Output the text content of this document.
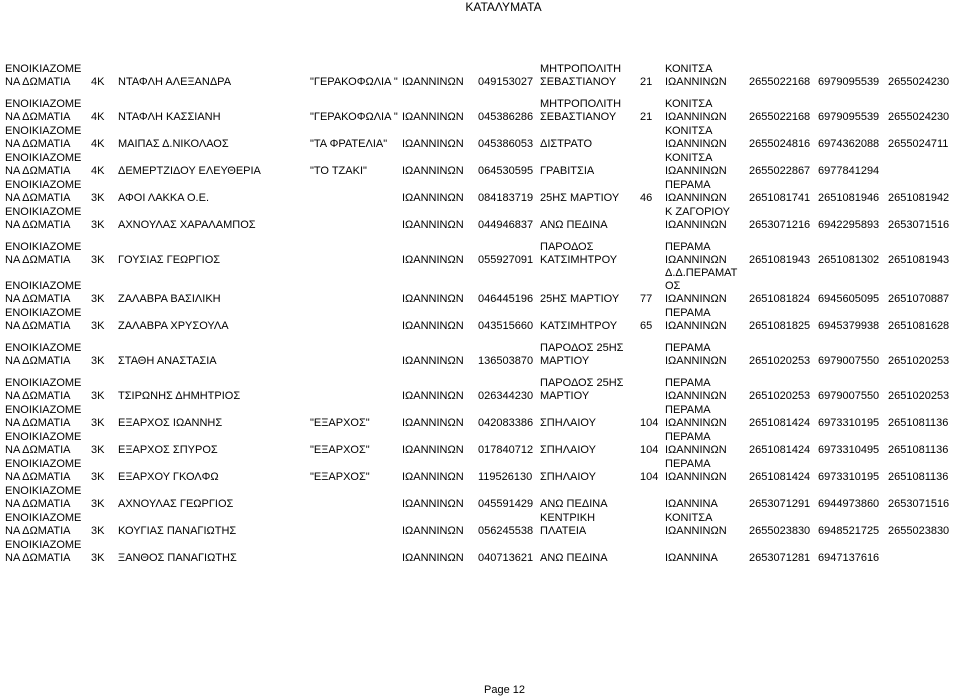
ΚΑΤΑΛΥΜΑΤΑ
ΕΝΟΙΚΙΑΖΟΜΕ ΝΑ ΔΩΜΑΤΙΑ	4Κ	ΝΤΑΦΛΗ ΑΛΕΞΑΝΔΡΑ	"ΓΕΡΑΚΟΦΩΛΙΑ "	ΙΩΑΝΝΙΝΩΝ	049153027	ΜΗΤΡΟΠΟΛΙΤΗ ΣΕΒΑΣΤΙΑΝΟΥ	21	ΚΟΝΙΤΣΑ ΙΩΑΝΝΙΝΩΝ	2655022168	6979095539	2655024230

ΕΝΟΙΚΙΑΖΟΜΕ ΝΑ ΔΩΜΑΤΙΑ	4Κ	ΝΤΑΦΛΗ ΚΑΣΣΙΑΝΗ	"ΓΕΡΑΚΟΦΩΛΙΑ "	ΙΩΑΝΝΙΝΩΝ	045386286	ΜΗΤΡΟΠΟΛΙΤΗ ΣΕΒΑΣΤΙΑΝΟΥ	21	ΚΟΝΙΤΣΑ ΙΩΑΝΝΙΝΩΝ	2655022168	6979095539	2655024230
ΕΝΟΙΚΙΑΖΟΜΕ ΝΑ ΔΩΜΑΤΙΑ	4Κ	ΜΑΙΠΑΣ Δ.ΝΙΚΟΛΑΟΣ	"ΤΑ ΦΡΑΤΕΛΙΑ"	ΙΩΑΝΝΙΝΩΝ	045386053	ΔΙΣΤΡΑΤΟ		ΚΟΝΙΤΣΑ ΙΩΑΝΝΙΝΩΝ	2655024816	6974362088	2655024711
ΕΝΟΙΚΙΑΖΟΜΕ ΝΑ ΔΩΜΑΤΙΑ	4Κ	ΔΕΜΕΡΤΖΙΔΟΥ ΕΛΕΥΘΕΡΙΑ	"ΤΟ ΤΖΑΚΙ"	ΙΩΑΝΝΙΝΩΝ	064530595	ΓΡΑΒΙΤΣΙΑ		ΚΟΝΙΤΣΑ ΙΩΑΝΝΙΝΩΝ	2655022867	6977841294	
ΕΝΟΙΚΙΑΖΟΜΕ ΝΑ ΔΩΜΑΤΙΑ	3Κ	ΑΦΟΙ ΛΑΚΚΑ Ο.Ε.		ΙΩΑΝΝΙΝΩΝ	084183719	25ΗΣ ΜΑΡΤΙΟΥ	46	ΠΕΡΑΜΑ ΙΩΑΝΝΙΝΩΝ	2651081741	2651081946	2651081942
ΕΝΟΙΚΙΑΖΟΜΕ ΝΑ ΔΩΜΑΤΙΑ	3Κ	ΑΧΝΟΥΛΑΣ ΧΑΡΑΛΑΜΠΟΣ		ΙΩΑΝΝΙΝΩΝ	044946837	ΑΝΩ ΠΕΔΙΝΑ		Κ ΖΑΓΟΡΙΟΥ ΙΩΑΝΝΙΝΩΝ	2653071216	6942295893	2653071516

ΕΝΟΙΚΙΑΖΟΜΕ ΝΑ ΔΩΜΑΤΙΑ	3Κ	ΓΟΥΣΙΑΣ ΓΕΩΡΓΙΟΣ		ΙΩΑΝΝΙΝΩΝ	055927091	ΠΑΡΟΔΟΣ ΚΑΤΣΙΜΗΤΡΟΥ		ΠΕΡΑΜΑ ΙΩΑΝΝΙΝΩΝ	2651081943	2651081302	2651081943
ΕΝΟΙΚΙΑΖΟΜΕ ΝΑ ΔΩΜΑΤΙΑ	3Κ	ΖΑΛΑΒΡΑ ΒΑΣΙΛΙΚΗ		ΙΩΑΝΝΙΝΩΝ	046445196	25ΗΣ ΜΑΡΤΙΟΥ	77	Δ.Δ.ΠΕΡΑΜΑΤ ΟΣ ΙΩΑΝΝΙΝΩΝ	2651081824	6945605095	2651070887
ΕΝΟΙΚΙΑΖΟΜΕ ΝΑ ΔΩΜΑΤΙΑ	3Κ	ΖΑΛΑΒΡΑ ΧΡΥΣΟΥΛΑ		ΙΩΑΝΝΙΝΩΝ	043515660	ΚΑΤΣΙΜΗΤΡΟΥ	65	ΠΕΡΑΜΑ ΙΩΑΝΝΙΝΩΝ	2651081825	6945379938	2651081628

ΕΝΟΙΚΙΑΖΟΜΕ ΝΑ ΔΩΜΑΤΙΑ	3Κ	ΣΤΑΘΗ ΑΝΑΣΤΑΣΙΑ		ΙΩΑΝΝΙΝΩΝ	136503870	ΠΑΡΟΔΟΣ 25ΗΣ ΜΑΡΤΙΟΥ		ΠΕΡΑΜΑ ΙΩΑΝΝΙΝΩΝ	2651020253	6979007550	2651020253

ΕΝΟΙΚΙΑΖΟΜΕ ΝΑ ΔΩΜΑΤΙΑ	3Κ	ΤΣΙΡΩΝΗΣ ΔΗΜΗΤΡΙΟΣ		ΙΩΑΝΝΙΝΩΝ	026344230	ΠΑΡΟΔΟΣ 25ΗΣ ΜΑΡΤΙΟΥ		ΠΕΡΑΜΑ ΙΩΑΝΝΙΝΩΝ	2651020253	6979007550	2651020253
ΕΝΟΙΚΙΑΖΟΜΕ ΝΑ ΔΩΜΑΤΙΑ	3Κ	ΕΞΑΡΧΟΣ ΙΩΑΝΝΗΣ	"ΕΞΑΡΧΟΣ"	ΙΩΑΝΝΙΝΩΝ	042083386	ΣΠΗΛΑΙΟΥ	104	ΠΕΡΑΜΑ ΙΩΑΝΝΙΝΩΝ	2651081424	6973310195	2651081136
ΕΝΟΙΚΙΑΖΟΜΕ ΝΑ ΔΩΜΑΤΙΑ	3Κ	ΕΞΑΡΧΟΣ ΣΠΥΡΟΣ	"ΕΞΑΡΧΟΣ"	ΙΩΑΝΝΙΝΩΝ	017840712	ΣΠΗΛΑΙΟΥ	104	ΠΕΡΑΜΑ ΙΩΑΝΝΙΝΩΝ	2651081424	6973310495	2651081136
ΕΝΟΙΚΙΑΖΟΜΕ ΝΑ ΔΩΜΑΤΙΑ	3Κ	ΕΞΑΡΧΟΥ ΓΚΟΛΦΩ	"ΕΞΑΡΧΟΣ"	ΙΩΑΝΝΙΝΩΝ	119526130	ΣΠΗΛΑΙΟΥ	104	ΠΕΡΑΜΑ ΙΩΑΝΝΙΝΩΝ	2651081424	6973310195	2651081136
ΕΝΟΙΚΙΑΖΟΜΕ ΝΑ ΔΩΜΑΤΙΑ	3Κ	ΑΧΝΟΥΛΑΣ ΓΕΩΡΓΙΟΣ		ΙΩΑΝΝΙΝΩΝ	045591429	ΑΝΩ ΠΕΔΙΝΑ		ΙΩΑΝΝΙΝΑ	2653071291	6944973860	2653071516
ΕΝΟΙΚΙΑΖΟΜΕ ΝΑ ΔΩΜΑΤΙΑ	3Κ	ΚΟΥΓΙΑΣ ΠΑΝΑΓΙΩΤΗΣ		ΙΩΑΝΝΙΝΩΝ	056245538	ΚΕΝΤΡΙΚΗ ΠΛΑΤΕΙΑ		ΚΟΝΙΤΣΑ ΙΩΑΝΝΙΝΩΝ	2655023830	6948521725	2655023830
ΕΝΟΙΚΙΑΖΟΜΕ ΝΑ ΔΩΜΑΤΙΑ	3Κ	ΞΑΝΘΟΣ ΠΑΝΑΓΙΩΤΗΣ		ΙΩΑΝΝΙΝΩΝ	040713621	ΑΝΩ ΠΕΔΙΝΑ		ΙΩΑΝΝΙΝΑ	2653071281	6947137616	
Page 12
